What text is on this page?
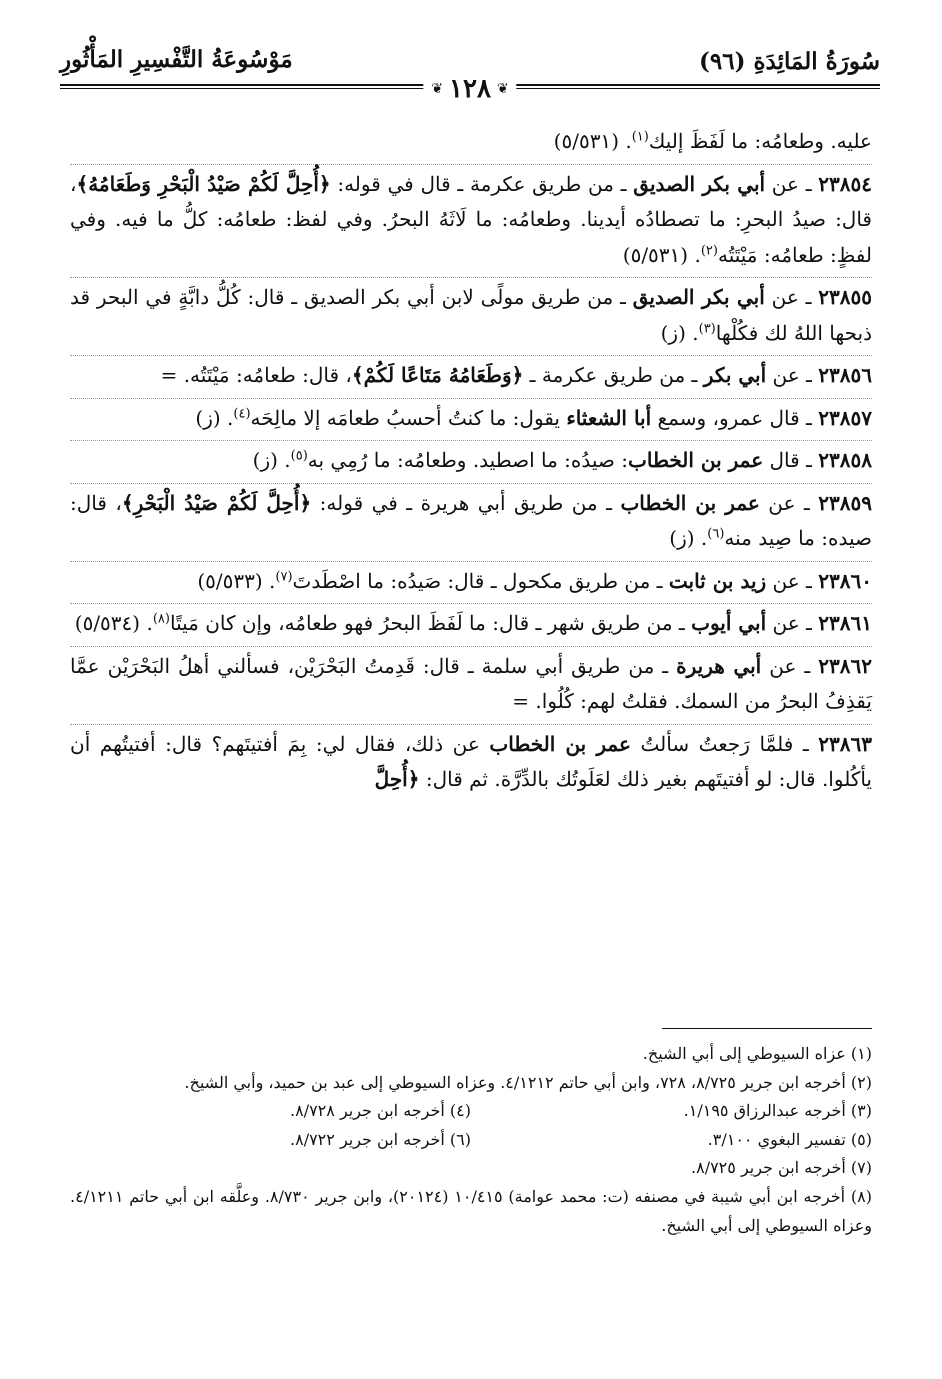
سُورَةُ المَائِدَةِ (٩٦)
مَوْسُوعَةُ التَّفْسِيرِ المَأْثُورِ
❦
١٢٨
❦

عليه. وطعامُه: ما لَفَظَ إليك$^{(١)}$. (٥/٥٣١)

٢٣٨٥٤ ـ عن أبي بكر الصديق ـ من طريق عكرمة ـ قال في قوله: ﴿أُحِلَّ لَكُمْ صَيْدُ الْبَحْرِ وَطَعَامُهُ﴾، قال: صيدُ البحرِ: ما تصطادُه أيدينا. وطعامُه: ما لَاثَهُ البحرُ. وفي لفظ: طعامُه: كلُّ ما فيه. وفي لفظٍ: طعامُه: مَيْتَتُه$^{(٢)}$. (٥/٥٣١)

٢٣٨٥٥ ـ عن أبي بكر الصديق ـ من طريق مولًى لابن أبي بكر الصديق ـ قال: كُلُّ دابَّةٍ في البحر قد ذبحها اللهُ لك فكُلْها$^{(٣)}$. (ز)

٢٣٨٥٦ ـ عن أبي بكر ـ من طريق عكرمة ـ ﴿وَطَعَامُهُ مَتَاعًا لَكُمْ﴾، قال: طعامُه: مَيْتَتُه. =

٢٣٨٥٧ ـ قال عمرو، وسمع أبا الشعثاء يقول: ما كنتُ أحسبُ طعامَه إلا مالِحَه$^{(٤)}$. (ز)

٢٣٨٥٨ ـ قال عمر بن الخطاب: صيدُه: ما اصطيد. وطعامُه: ما رُمِي به$^{(٥)}$. (ز)

٢٣٨٥٩ ـ عن عمر بن الخطاب ـ من طريق أبي هريرة ـ في قوله: ﴿أُحِلَّ لَكُمْ صَيْدُ الْبَحْرِ﴾، قال: صيده: ما صِيد منه$^{(٦)}$. (ز)

٢٣٨٦٠ ـ عن زيد بن ثابت ـ من طريق مكحول ـ قال: صَيدُه: ما اصْطَدتَ$^{(٧)}$. (٥/٥٣٣)

٢٣٨٦١ ـ عن أبي أيوب ـ من طريق شهر ـ قال: ما لَفَظَ البحرُ فهو طعامُه، وإن كان مَيتًا$^{(٨)}$. (٥/٥٣٤)

٢٣٨٦٢ ـ عن أبي هريرة ـ من طريق أبي سلمة ـ قال: قَدِمتُ البَحْرَيْن، فسألني أهلُ البَحْرَيْن عمَّا يَقذِفُ البحرُ من السمك. فقلتُ لهم: كُلُوا. =

٢٣٨٦٣ ـ فلمَّا رَجعتُ سألتُ عمر بن الخطاب عن ذلك، فقال لي: بِمَ أفتيتَهم؟ قال: أفتيتُهم أن يأكُلوا. قال: لو أفتيتَهم بغير ذلك لعَلَوتُك بالدِّرَّة. ثم قال: ﴿أُحِلَّ

(١) عزاه السيوطي إلى أبي الشيخ.

(٢) أخرجه ابن جرير ٨/٧٢٥، ٧٢٨، وابن أبي حاتم ٤/١٢١٢. وعزاه السيوطي إلى عبد بن حميد، وأبي الشيخ.

(٣) أخرجه عبدالرزاق ١/١٩٥.

(٤) أخرجه ابن جرير ٨/٧٢٨.

(٥) تفسير البغوي ٣/١٠٠.

(٦) أخرجه ابن جرير ٨/٧٢٢.

(٧) أخرجه ابن جرير ٨/٧٢٥.

(٨) أخرجه ابن أبي شيبة في مصنفه (ت: محمد عوامة) ١٠/٤١٥ (٢٠١٢٤)، وابن جرير ٨/٧٣٠. وعلَّقه ابن أبي حاتم ٤/١٢١١. وعزاه السيوطي إلى أبي الشيخ.
